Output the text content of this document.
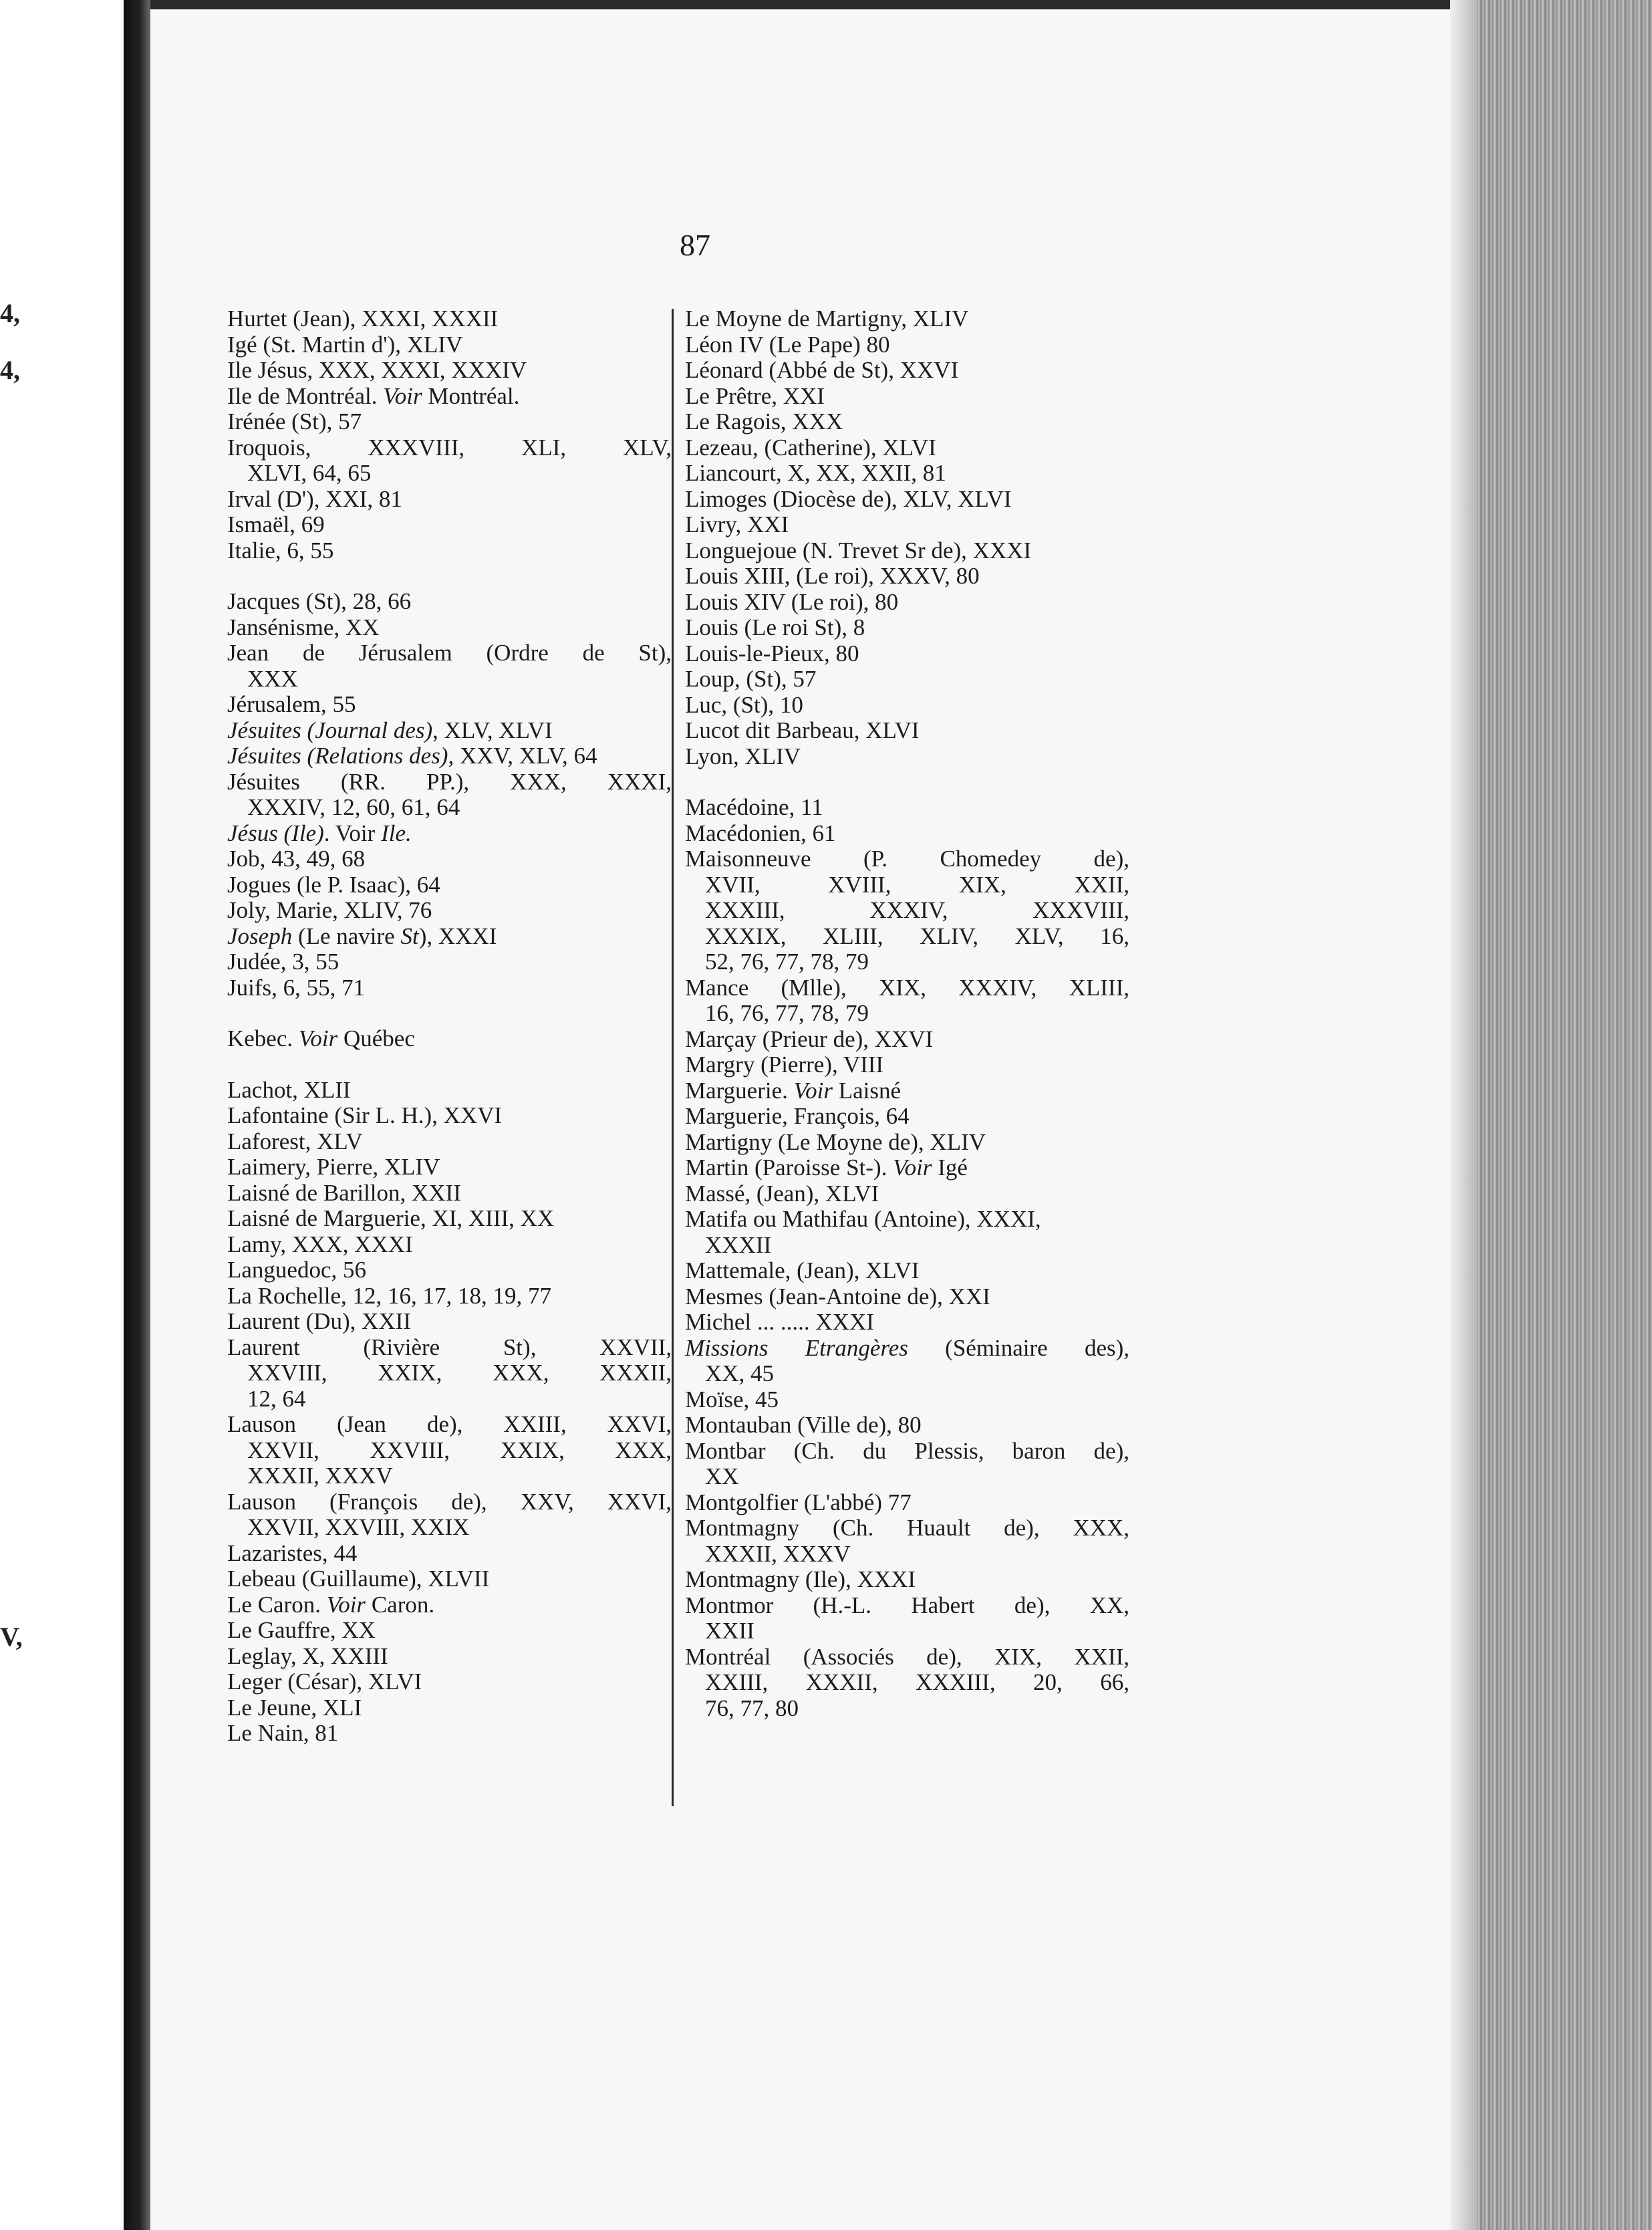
4,
4,
V,
87
Hurtet (Jean), XXXI, XXXII
Igé (St. Martin d'), XLIV
Ile Jésus, XXX, XXXI, XXXIV
Ile de Montréal. Voir Montréal.
Irénée (St), 57
Iroquois, XXXVIII, XLI, XLV,
XLVI, 64, 65
Irval (D'), XXI, 81
Ismaël, 69
Italie, 6, 55
Jacques (St), 28, 66
Jansénisme, XX
Jean de Jérusalem (Ordre de St),
XXX
Jérusalem, 55
Jésuites (Journal des), XLV, XLVI
Jésuites (Relations des), XXV, XLV, 64
Jésuites (RR. PP.), XXX, XXXI,
XXXIV, 12, 60, 61, 64
Jésus (Ile). Voir Ile.
Job, 43, 49, 68
Jogues (le P. Isaac), 64
Joly, Marie, XLIV, 76
Joseph (Le navire St), XXXI
Judée, 3, 55
Juifs, 6, 55, 71
Kebec. Voir Québec
Lachot, XLII
Lafontaine (Sir L. H.), XXVI
Laforest, XLV
Laimery, Pierre, XLIV
Laisné de Barillon, XXII
Laisné de Marguerie, XI, XIII, XX
Lamy, XXX, XXXI
Languedoc, 56
La Rochelle, 12, 16, 17, 18, 19, 77
Laurent (Du), XXII
Laurent (Rivière St), XXVII,
XXVIII, XXIX, XXX, XXXII,
12, 64
Lauson (Jean de), XXIII, XXVI,
XXVII, XXVIII, XXIX, XXX,
XXXII, XXXV
Lauson (François de), XXV, XXVI,
XXVII, XXVIII, XXIX
Lazaristes, 44
Lebeau (Guillaume), XLVII
Le Caron. Voir Caron.
Le Gauffre, XX
Leglay, X, XXIII
Leger (César), XLVI
Le Jeune, XLI
Le Nain, 81
Le Moyne de Martigny, XLIV
Léon IV (Le Pape) 80
Léonard (Abbé de St), XXVI
Le Prêtre, XXI
Le Ragois, XXX
Lezeau, (Catherine), XLVI
Liancourt, X, XX, XXII, 81
Limoges (Diocèse de), XLV, XLVI
Livry, XXI
Longuejoue (N. Trevet Sr de), XXXI
Louis XIII, (Le roi), XXXV, 80
Louis XIV (Le roi), 80
Louis (Le roi St), 8
Louis-le-Pieux, 80
Loup, (St), 57
Luc, (St), 10
Lucot dit Barbeau, XLVI
Lyon, XLIV
Macédoine, 11
Macédonien, 61
Maisonneuve (P. Chomedey de),
XVII, XVIII, XIX, XXII,
XXXIII, XXXIV, XXXVIII,
XXXIX, XLIII, XLIV, XLV, 16,
52, 76, 77, 78, 79
Mance (Mlle), XIX, XXXIV, XLIII,
16, 76, 77, 78, 79
Marçay (Prieur de), XXVI
Margry (Pierre), VIII
Marguerie. Voir Laisné
Marguerie, François, 64
Martigny (Le Moyne de), XLIV
Martin (Paroisse St-). Voir Igé
Massé, (Jean), XLVI
Matifa ou Mathifau (Antoine), XXXI,
XXXII
Mattemale, (Jean), XLVI
Mesmes (Jean-Antoine de), XXI
Michel ... ..... XXXI
Missions Etrangères (Séminaire des),
XX, 45
Moïse, 45
Montauban (Ville de), 80
Montbar (Ch. du Plessis, baron de),
XX
Montgolfier (L'abbé) 77
Montmagny (Ch. Huault de), XXX,
XXXII, XXXV
Montmagny (Ile), XXXI
Montmor (H.-L. Habert de), XX,
XXII
Montréal (Associés de), XIX, XXII,
XXIII, XXXII, XXXIII, 20, 66,
76, 77, 80
